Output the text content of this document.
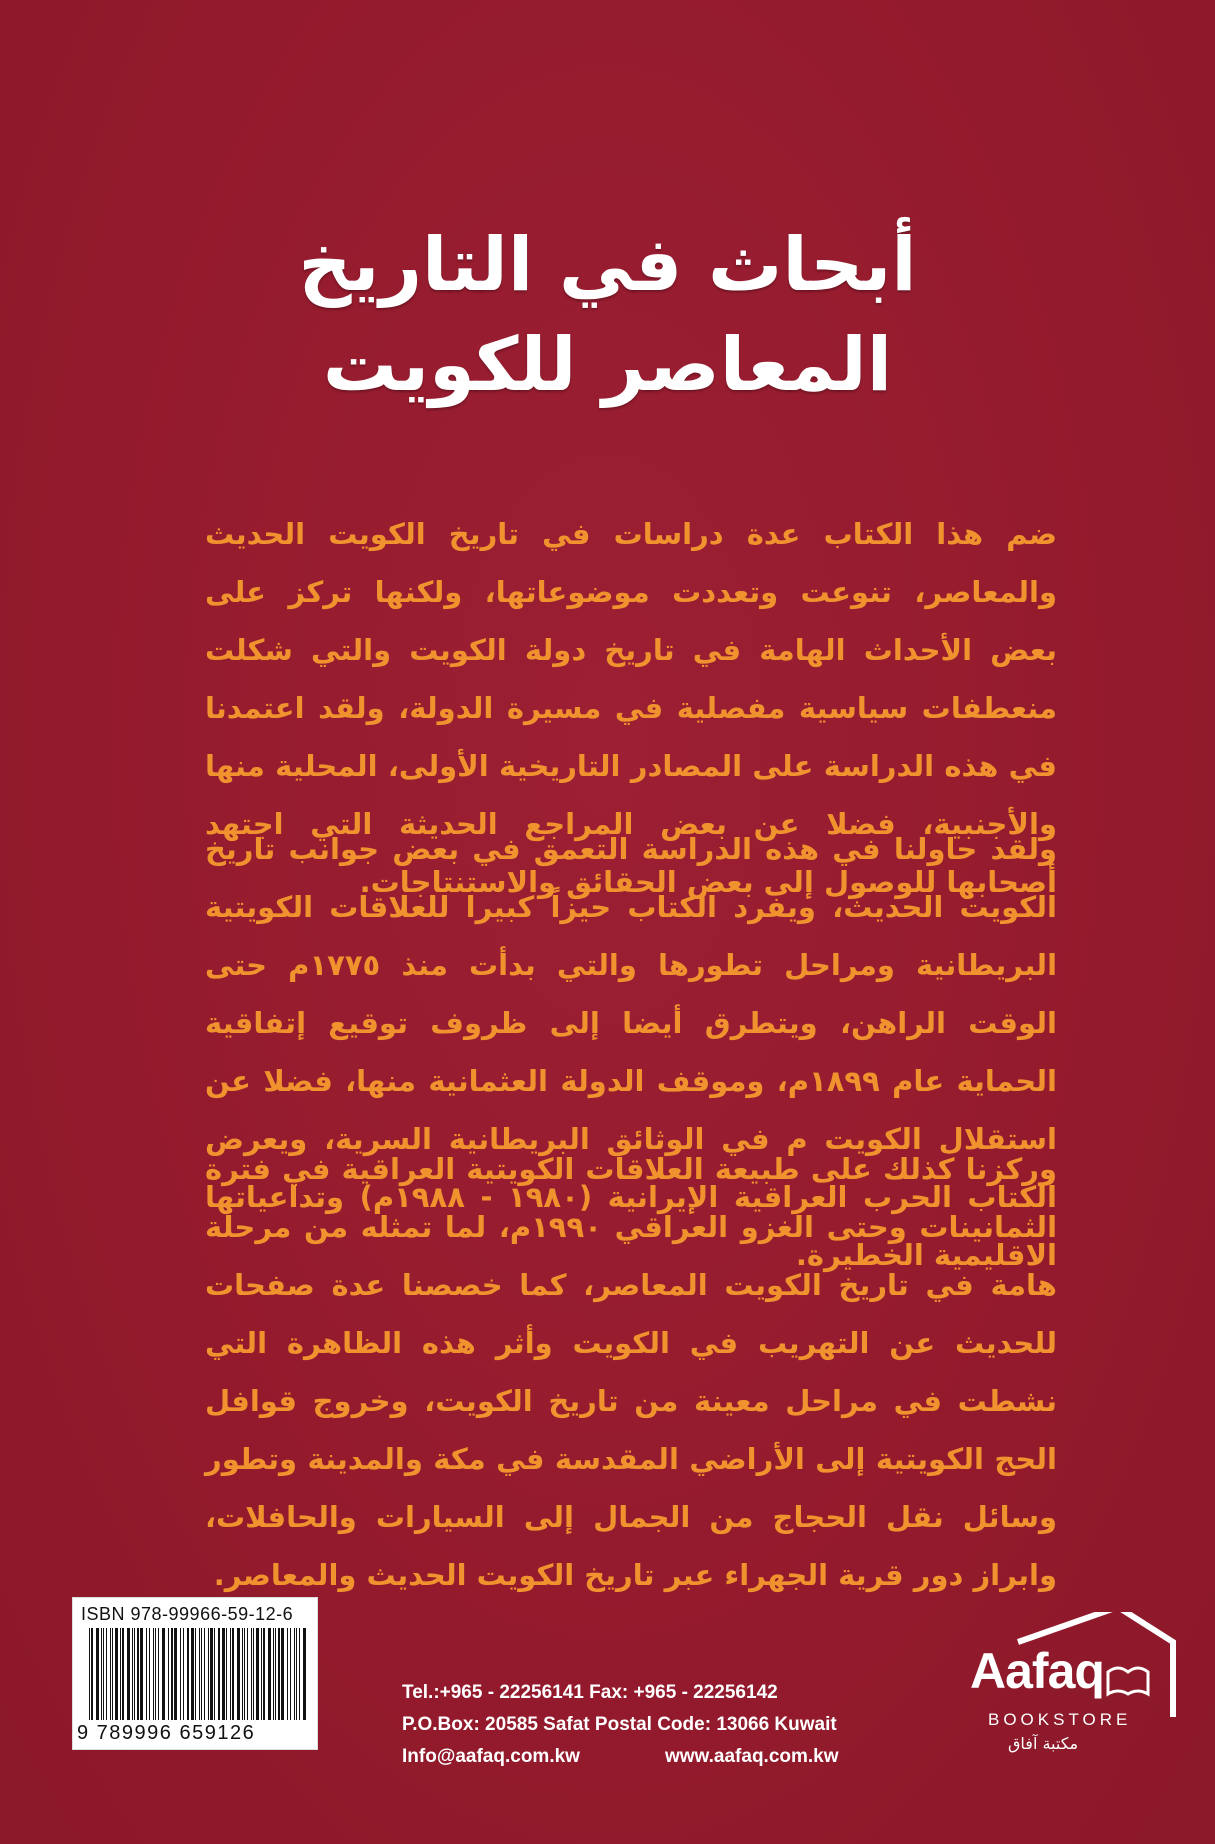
أبحاث في التاريخ
المعاصر للكويت
ضم هذا الكتاب عدة دراسات في تاريخ الكويت الحديث والمعاصر، تنوعت وتعددت موضوعاتها، ولكنها تركز على بعض الأحداث الهامة في تاريخ دولة الكويت والتي شكلت منعطفات سياسية مفصلية في مسيرة الدولة، ولقد اعتمدنا في هذه الدراسة على المصادر التاريخية الأولى، المحلية منها والأجنبية، فضلا عن بعض المراجع الحديثة التي اجتهد أصحابها للوصول إلى بعض الحقائق والاستنتاجات.
ولقد حاولنا في هذه الدراسة التعمق في بعض جوانب تاريخ الكويت الحديث، ويفرد الكتاب حيزاً كبيرا للعلاقات الكويتية البريطانية ومراحل تطورها والتي بدأت منذ ١٧٧٥م حتى الوقت الراهن، ويتطرق أيضا إلى ظروف توقيع إتفاقية الحماية عام ١٨٩٩م، وموقف الدولة العثمانية منها، فضلا عن استقلال الكويت م في الوثائق البريطانية السرية، ويعرض الكتاب الحرب العراقية الإيرانية (١٩٨٠ - ١٩٨٨م) وتداعياتها الاقليمية الخطيرة.
وركزنا كذلك على طبيعة العلاقات الكويتية العراقية في فترة الثمانينات وحتى الغزو العراقي ١٩٩٠م، لما تمثله من مرحلة هامة في تاريخ الكويت المعاصر، كما خصصنا عدة صفحات للحديث عن التهريب في الكويت وأثر هذه الظاهرة التي نشطت في مراحل معينة من تاريخ الكويت، وخروج قوافل الحج الكويتية إلى الأراضي المقدسة في مكة والمدينة وتطور وسائل نقل الحجاج من الجمال إلى السيارات والحافلات، وابراز دور قرية الجهراء عبر تاريخ الكويت الحديث والمعاصر.
ISBN 978-99966-59-12-6
9 789996 659126
Tel.:+965 - 22256141 Fax: +965 - 22256142
P.O.Box: 20585 Safat Postal Code: 13066 Kuwait
Info@aafaq.com.kw	www.aafaq.com.kw
Aafaq
BOOKSTORE
مكتبة آفاق
